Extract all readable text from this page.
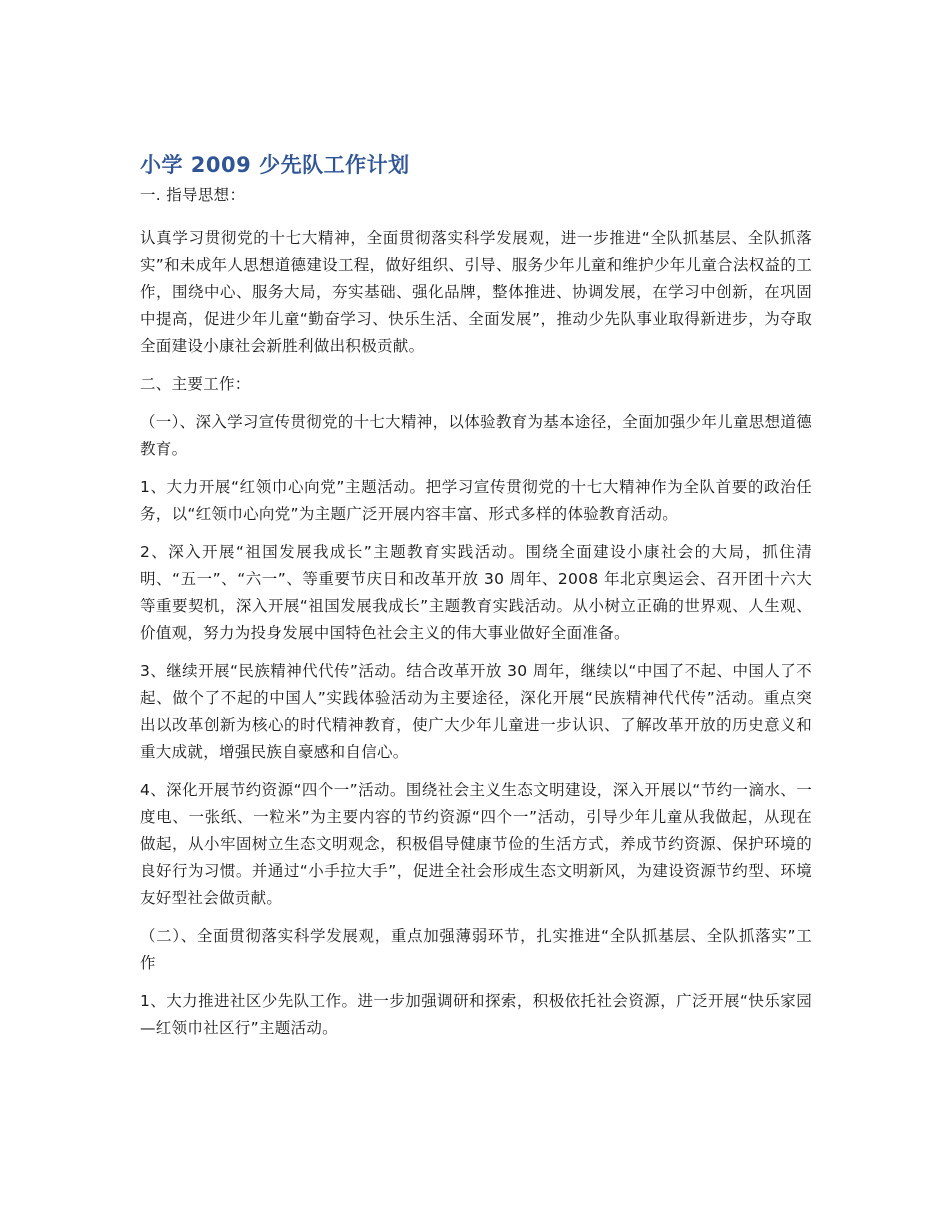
小学 2009 少先队工作计划

一. 指导思想：

认真学习贯彻党的十七大精神，全面贯彻落实科学发展观，进一步推进“全队抓基层、全队抓落实”和未成年人思想道德建设工程，做好组织、引导、服务少年儿童和维护少年儿童合法权益的工作，围绕中心、服务大局，夯实基础、强化品牌，整体推进、协调发展，在学习中创新，在巩固中提高，促进少年儿童“勤奋学习、快乐生活、全面发展”，推动少先队事业取得新进步，为夺取全面建设小康社会新胜利做出积极贡献。

二、主要工作：

（一）、深入学习宣传贯彻党的十七大精神，以体验教育为基本途径，全面加强少年儿童思想道德教育。

1、大力开展“红领巾心向党”主题活动。把学习宣传贯彻党的十七大精神作为全队首要的政治任务，以“红领巾心向党”为主题广泛开展内容丰富、形式多样的体验教育活动。

2、深入开展“祖国发展我成长”主题教育实践活动。围绕全面建设小康社会的大局，抓住清明、“五一”、“六一”、等重要节庆日和改革开放 30 周年、2008 年北京奥运会、召开团十六大等重要契机，深入开展“祖国发展我成长”主题教育实践活动。从小树立正确的世界观、人生观、价值观，努力为投身发展中国特色社会主义的伟大事业做好全面准备。

3、继续开展“民族精神代代传”活动。结合改革开放 30 周年，继续以“中国了不起、中国人了不起、做个了不起的中国人”实践体验活动为主要途径，深化开展“民族精神代代传”活动。重点突出以改革创新为核心的时代精神教育，使广大少年儿童进一步认识、了解改革开放的历史意义和重大成就，增强民族自豪感和自信心。

4、深化开展节约资源“四个一”活动。围绕社会主义生态文明建设，深入开展以“节约一滴水、一度电、一张纸、一粒米”为主要内容的节约资源“四个一”活动，引导少年儿童从我做起，从现在做起，从小牢固树立生态文明观念，积极倡导健康节俭的生活方式，养成节约资源、保护环境的良好行为习惯。并通过“小手拉大手”，促进全社会形成生态文明新风，为建设资源节约型、环境友好型社会做贡献。

（二）、全面贯彻落实科学发展观，重点加强薄弱环节，扎实推进“全队抓基层、全队抓落实”工作

1、大力推进社区少先队工作。进一步加强调研和探索，积极依托社会资源，广泛开展“快乐家园—红领巾社区行”主题活动。
